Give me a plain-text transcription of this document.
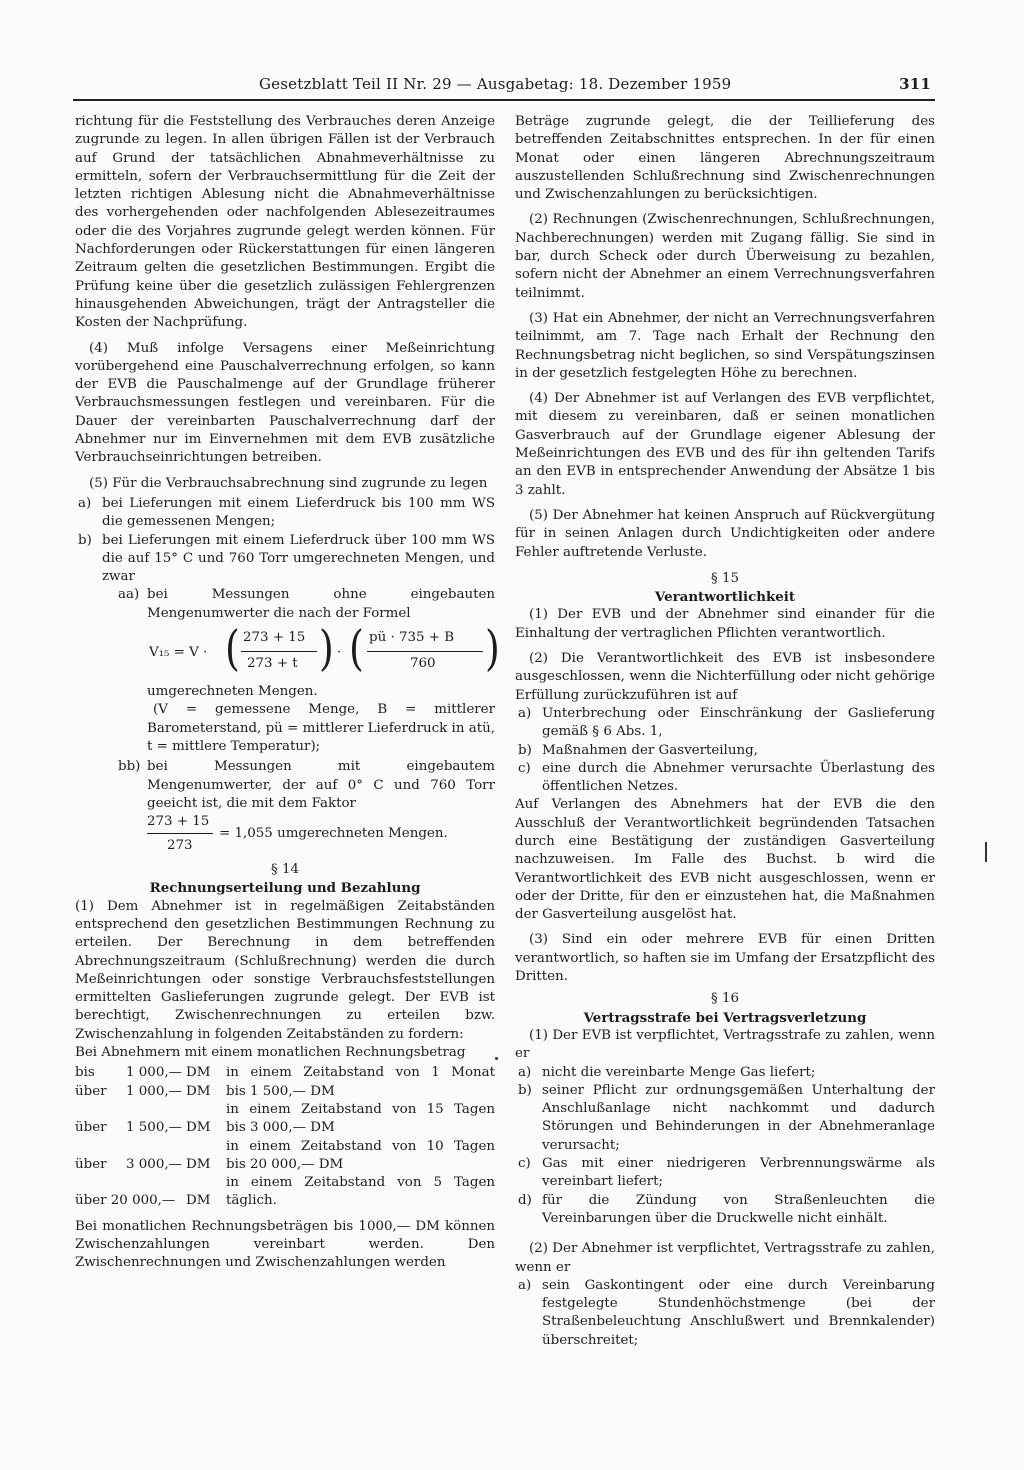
Gesetzblatt Teil II Nr. 29 — Ausgabetag: 18. Dezember 1959	311

richtung für die Feststellung des Verbrauches deren Anzeige zugrunde zu legen. In allen übrigen Fällen ist der Verbrauch auf Grund der tatsächlichen Abnahmeverhältnisse zu ermitteln, sofern der Verbrauchsermittlung für die Zeit der letzten richtigen Ablesung nicht die Abnahmeverhältnisse des vorhergehenden oder nachfolgenden Ablesezeitraumes oder die des Vorjahres zugrunde gelegt werden können. Für Nachforderungen oder Rückerstattungen für einen längeren Zeitraum gelten die gesetzlichen Bestimmungen. Ergibt die Prüfung keine über die gesetzlich zulässigen Fehlergrenzen hinausgehenden Abweichungen, trägt der Antragsteller die Kosten der Nachprüfung.

(4) Muß infolge Versagens einer Meßeinrichtung vorübergehend eine Pauschalverrechnung erfolgen, so kann der EVB die Pauschalmenge auf der Grundlage früherer Verbrauchsmessungen festlegen und vereinbaren. Für die Dauer der vereinbarten Pauschalverrechnung darf der Abnehmer nur im Einvernehmen mit dem EVB zusätzliche Verbrauchseinrichtungen betreiben.

(5) Für die Verbrauchsabrechnung sind zugrunde zu legen

a) bei Lieferungen mit einem Lieferdruck bis 100 mm WS die gemessenen Mengen;
b) bei Lieferungen mit einem Lieferdruck über 100 mm WS die auf 15° C und 760 Torr umgerechneten Mengen, und zwar
aa) bei Messungen ohne eingebauten Mengenumwerter die nach der Formel
V₁₅ = V · ( 273 + 15
273 + t ) · ( pü · 735 + B
760 )

umgerechneten Mengen.

(V = gemessene Menge, B = mittlerer Barometerstand, pü = mittlerer Lieferdruck in atü, t = mittlere Temperatur);

bb) bei Messungen mit eingebautem Mengenumwerter, der auf 0° C und 760 Torr geeicht ist, die mit dem Faktor
273 + 15
273
= 1,055 umgerechneten Mengen.

§ 14

Rechnungserteilung und Bezahlung

(1) Dem Abnehmer ist in regelmäßigen Zeitabständen entsprechend den gesetzlichen Bestimmungen Rechnung zu erteilen. Der Berechnung in dem betreffenden Abrechnungszeitraum (Schlußrechnung) werden die durch Meßeinrichtungen oder sonstige Verbrauchsfeststellungen ermittelten Gaslieferungen zugrunde gelegt. Der EVB ist berechtigt, Zwischenrechnungen zu erteilen bzw. Zwischenzahlung in folgenden Zeitabständen zu fordern:

Bei Abnehmern mit einem monatlichen Rechnungsbetrag

bis	1 000,—	DM	in einem Zeitabstand von 1 Monat
über	1 000,—	DM	bis 1 500,— DM
			in einem Zeitabstand von 15 Tagen
über	1 500,—	DM	bis 3 000,— DM
			in einem Zeitabstand von 10 Tagen
über	3 000,—	DM	bis 20 000,— DM
			in einem Zeitabstand von 5 Tagen
über 20 000,—		DM	täglich.

Bei monatlichen Rechnungsbeträgen bis 1000,— DM können Zwischenzahlungen vereinbart werden. Den Zwischenrechnungen und Zwischenzahlungen werden

Beträge zugrunde gelegt, die der Teillieferung des betreffenden Zeitabschnittes entsprechen. In der für einen Monat oder einen längeren Abrechnungszeitraum auszustellenden Schlußrechnung sind Zwischenrechnungen und Zwischenzahlungen zu berücksichtigen.

(2) Rechnungen (Zwischenrechnungen, Schlußrechnungen, Nachberechnungen) werden mit Zugang fällig. Sie sind in bar, durch Scheck oder durch Überweisung zu bezahlen, sofern nicht der Abnehmer an einem Verrechnungsverfahren teilnimmt.

(3) Hat ein Abnehmer, der nicht an Verrechnungsverfahren teilnimmt, am 7. Tage nach Erhalt der Rechnung den Rechnungsbetrag nicht beglichen, so sind Verspätungszinsen in der gesetzlich festgelegten Höhe zu berechnen.

(4) Der Abnehmer ist auf Verlangen des EVB verpflichtet, mit diesem zu vereinbaren, daß er seinen monatlichen Gasverbrauch auf der Grundlage eigener Ablesung der Meßeinrichtungen des EVB und des für ihn geltenden Tarifs an den EVB in entsprechender Anwendung der Absätze 1 bis 3 zahlt.

(5) Der Abnehmer hat keinen Anspruch auf Rückvergütung für in seinen Anlagen durch Undichtigkeiten oder andere Fehler auftretende Verluste.

§ 15

Verantwortlichkeit

(1) Der EVB und der Abnehmer sind einander für die Einhaltung der vertraglichen Pflichten verantwortlich.

(2) Die Verantwortlichkeit des EVB ist insbesondere ausgeschlossen, wenn die Nichterfüllung oder nicht gehörige Erfüllung zurückzuführen ist auf

a) Unterbrechung oder Einschränkung der Gaslieferung gemäß § 6 Abs. 1,
b) Maßnahmen der Gasverteilung,
c) eine durch die Abnehmer verursachte Überlastung des öffentlichen Netzes.

Auf Verlangen des Abnehmers hat der EVB die den Ausschluß der Verantwortlichkeit begründenden Tatsachen durch eine Bestätigung der zuständigen Gasverteilung nachzuweisen. Im Falle des Buchst. b wird die Verantwortlichkeit des EVB nicht ausgeschlossen, wenn er oder der Dritte, für den er einzustehen hat, die Maßnahmen der Gasverteilung ausgelöst hat.

(3) Sind ein oder mehrere EVB für einen Dritten verantwortlich, so haften sie im Umfang der Ersatzpflicht des Dritten.

§ 16

Vertragsstrafe bei Vertragsverletzung

(1) Der EVB ist verpflichtet, Vertragsstrafe zu zahlen, wenn er

a) nicht die vereinbarte Menge Gas liefert;
b) seiner Pflicht zur ordnungsgemäßen Unterhaltung der Anschlußanlage nicht nachkommt und dadurch Störungen und Behinderungen in der Abnehmeranlage verursacht;
c) Gas mit einer niedrigeren Verbrennungswärme als vereinbart liefert;
d) für die Zündung von Straßenleuchten die Vereinbarungen über die Druckwelle nicht einhält.

(2) Der Abnehmer ist verpflichtet, Vertragsstrafe zu zahlen, wenn er

a) sein Gaskontingent oder eine durch Vereinbarung festgelegte Stundenhöchstmenge (bei der Straßenbeleuchtung Anschlußwert und Brennkalender) überschreitet;
